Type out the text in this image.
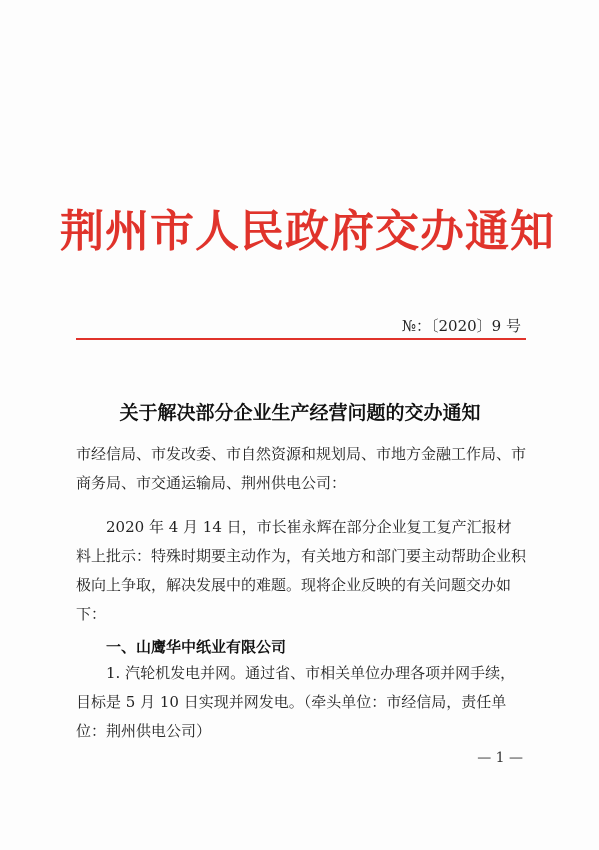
荆州市人民政府交办通知
№：〔2020〕9 号
关于解决部分企业生产经营问题的交办通知
市经信局、市发改委、市自然资源和规划局、市地方金融工作局、市商务局、市交通运输局、荆州供电公司：
2020 年 4 月 14 日，市长崔永辉在部分企业复工复产汇报材料上批示：特殊时期要主动作为，有关地方和部门要主动帮助企业积极向上争取，解决发展中的难题。现将企业反映的有关问题交办如下：
一、山鹰华中纸业有限公司
1. 汽轮机发电并网。通过省、市相关单位办理各项并网手续，目标是 5 月 10 日实现并网发电。（牵头单位：市经信局，责任单位：荆州供电公司）
— 1 —
